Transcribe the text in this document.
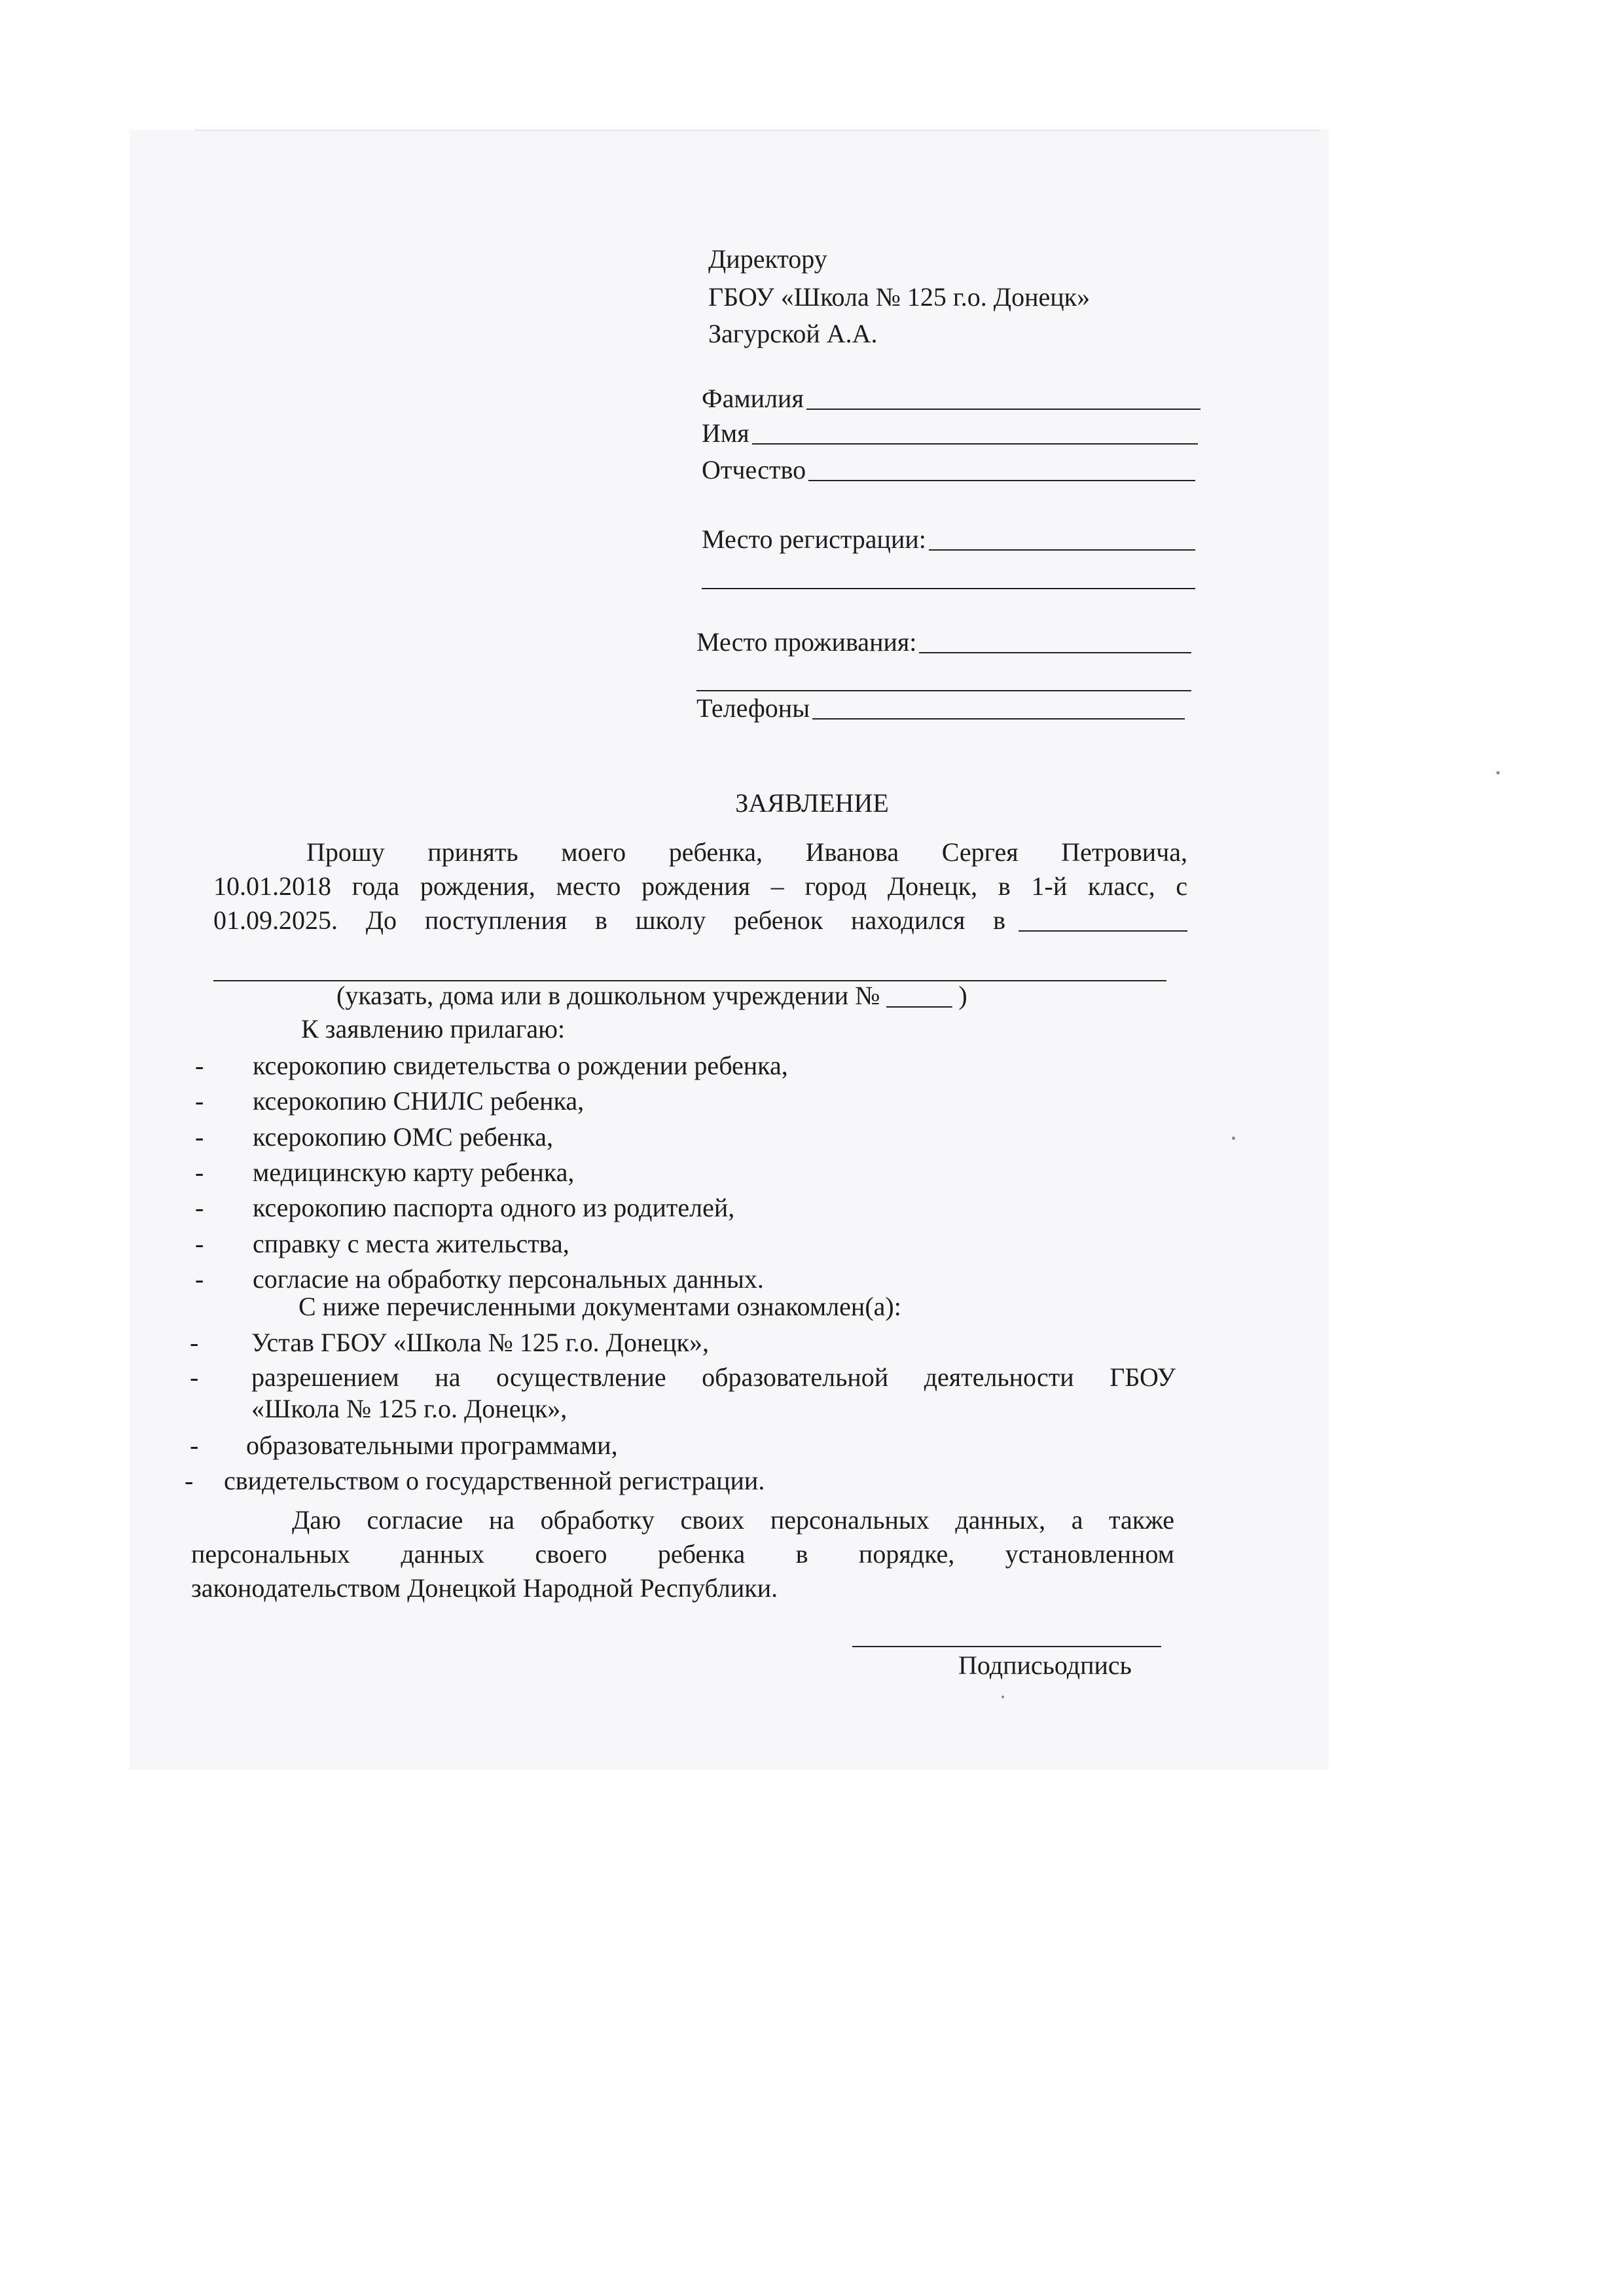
Директору
ГБОУ «Школа № 125 г.о. Донецк»
Загурской А.А.
Фамилия
Имя
Отчество
Место регистрации:
Место проживания:
Телефоны
ЗАЯВЛЕНИЕ
Прошу принять моего ребенка, Иванова Сергея Петровича,
10.01.2018 года рождения, место рождения – город Донецк, в 1-й класс, с
01.09.2025. До поступления в школу ребенок находился в
(указать, дома или в дошкольном учреждении № _____ )
К заявлению прилагаю:
- ксерокопию свидетельства о рождении ребенка,
- ксерокопию СНИЛС ребенка,
- ксерокопию ОМС ребенка,
- медицинскую карту ребенка,
- ксерокопию паспорта одного из родителей,
- справку с места жительства,
- согласие на обработку персональных данных.
С ниже перечисленными документами ознакомлен(а):
- Устав ГБОУ «Школа № 125 г.о. Донецк»,
- разрешением на осуществление образовательной деятельности ГБОУ
«Школа № 125 г.о. Донецк»,
- образовательными программами,
- свидетельством о государственной регистрации.
Даю согласие на обработку своих персональных данных, а также
персональных данных своего ребенка в порядке, установленном
законодательством Донецкой Народной Республики.
Подписьодпись
